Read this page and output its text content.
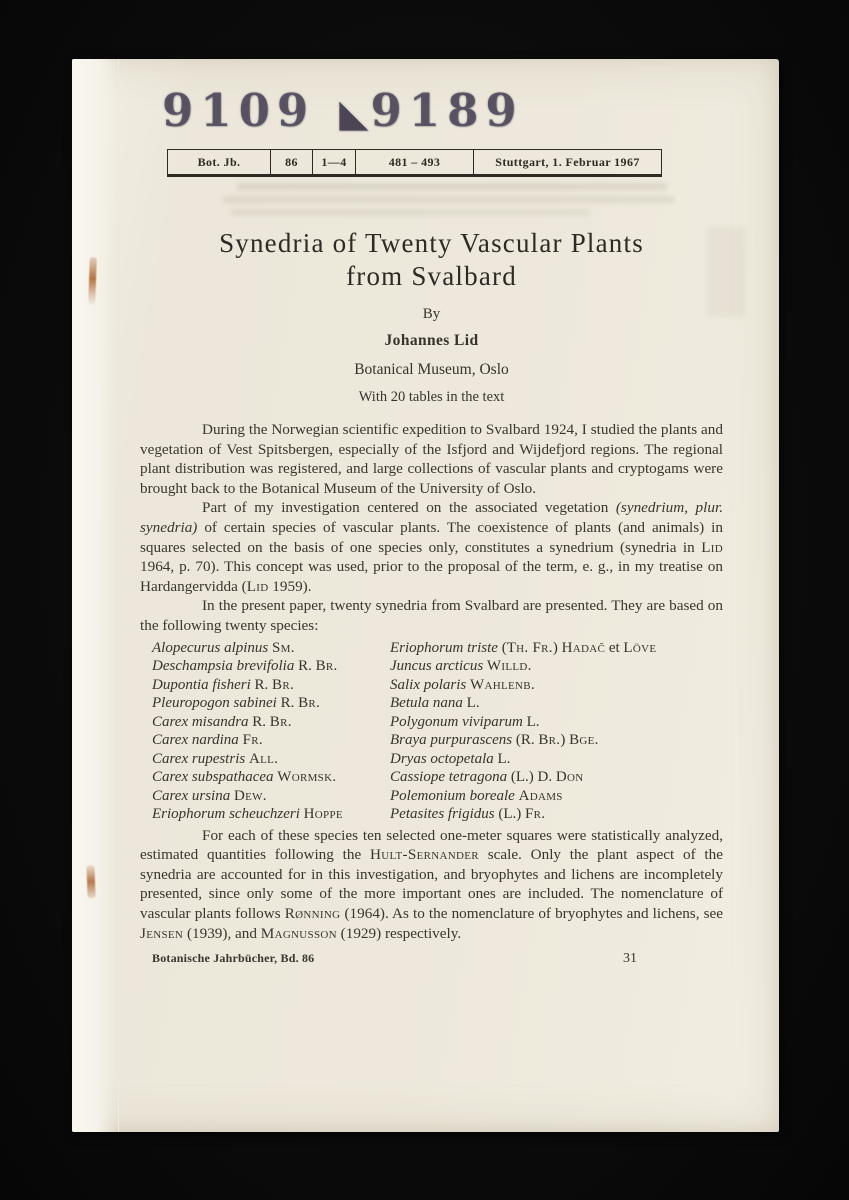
9109 ◣ 9189
Bot. Jb.	86	1—4	481 – 493	Stuttgart, 1. Februar 1967
Synedria of Twenty Vascular Plants
from Svalbard
By
Johannes Lid
Botanical Museum, Oslo
With 20 tables in the text

During the Norwegian scientific expedition to Svalbard 1924, I studied the plants and vegetation of Vest Spitsbergen, especially of the Isfjord and Wijdefjord regions. The regional plant distribution was registered, and large collections of vascular plants and cryptogams were brought back to the Botanical Museum of the University of Oslo.

Part of my investigation centered on the associated vegetation (synedrium, plur. synedria) of certain species of vascular plants. The coexistence of plants (and animals) in squares selected on the basis of one species only, constitutes a synedrium (synedria in Lid 1964, p. 70). This concept was used, prior to the proposal of the term, e. g., in my treatise on Hardangervidda (Lid 1959).

In the present paper, twenty synedria from Svalbard are presented. They are based on the following twenty species:

Alopecurus alpinus Sm.
Deschampsia brevifolia R. Br.
Dupontia fisheri R. Br.
Pleuropogon sabinei R. Br.
Carex misandra R. Br.
Carex nardina Fr.
Carex rupestris All.
Carex subspathacea Wormsk.
Carex ursina Dew.
Eriophorum scheuchzeri Hoppe
Eriophorum triste (Th. Fr.) Hadač et Löve
Juncus arcticus Willd.
Salix polaris Wahlenb.
Betula nana L.
Polygonum viviparum L.
Braya purpurascens (R. Br.) Bge.
Dryas octopetala L.
Cassiope tetragona (L.) D. Don
Polemonium boreale Adams
Petasites frigidus (L.) Fr.

For each of these species ten selected one-meter squares were statistically analyzed, estimated quantities following the Hult-Sernander scale. Only the plant aspect of the synedria are accounted for in this investigation, and bryophytes and lichens are incompletely presented, since only some of the more important ones are included. The nomenclature of vascular plants follows Rønning (1964). As to the nomenclature of bryophytes and lichens, see Jensen (1939), and Magnusson (1929) respectively.

Botanische Jahrbücher, Bd. 86	31
